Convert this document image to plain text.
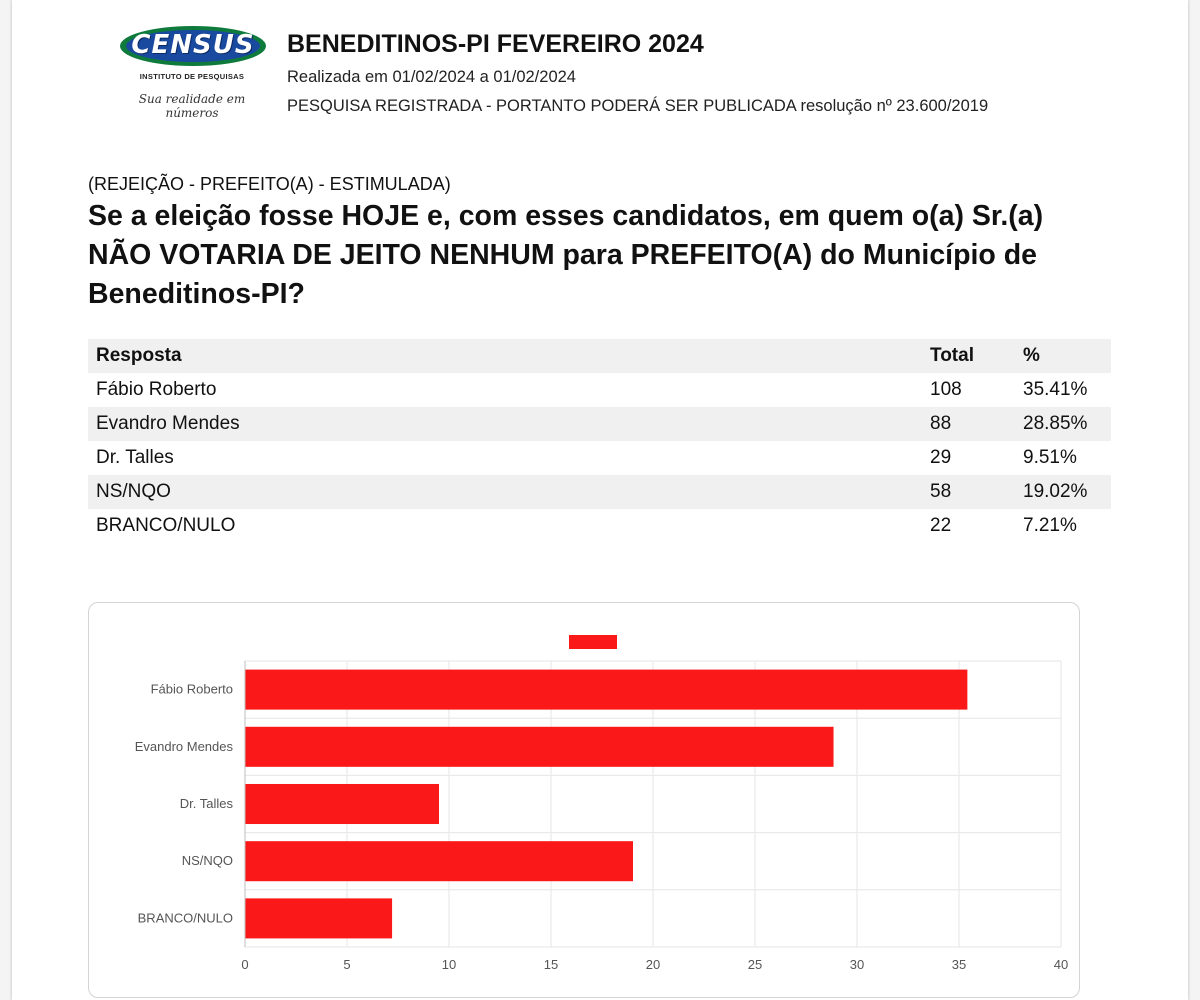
CENSUS
INSTITUTO DE PESQUISAS
Sua realidade em números
BENEDITINOS-PI FEVEREIRO 2024
Realizada em 01/02/2024 a 01/02/2024
PESQUISA REGISTRADA - PORTANTO PODERÁ SER PUBLICADA resolução nº 23.600/2019
(REJEIÇÃO - PREFEITO(A) - ESTIMULADA)
Se a eleição fosse HOJE e, com esses candidatos, em quem o(a) Sr.(a) NÃO VOTARIA DE JEITO NENHUM para PREFEITO(A) do Município de Beneditinos-PI?
Resposta	Total	%
Fábio Roberto	108	35.41%
Evandro Mendes	88	28.85%
Dr. Talles	29	9.51%
NS/NQO	58	19.02%
BRANCO/NULO	22	7.21%
0	5	10	15	20	25	30	35	40
Fábio Roberto
Evandro Mendes
Dr. Talles
NS/NQO
BRANCO/NULO
